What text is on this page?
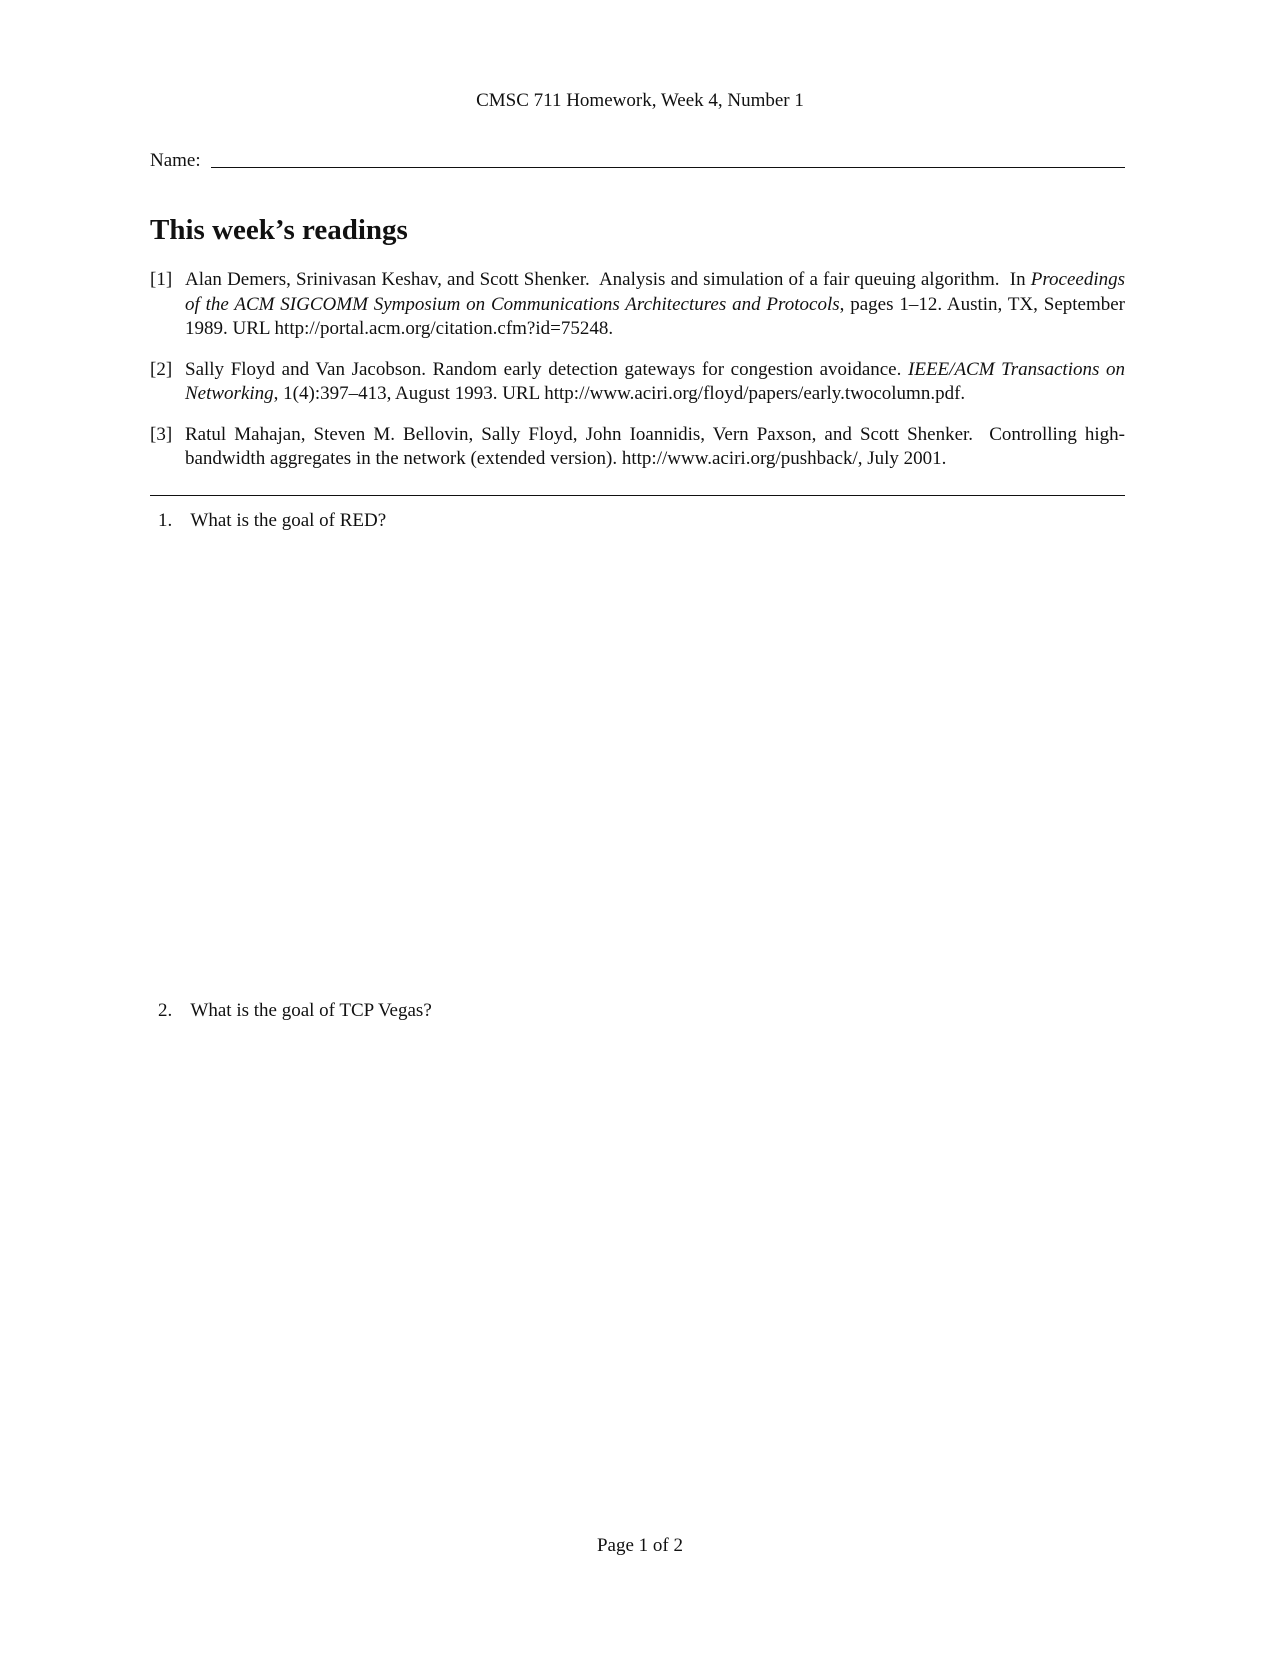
CMSC 711 Homework, Week 4, Number 1
Name:
This week’s readings
[1] Alan Demers, Srinivasan Keshav, and Scott Shenker. Analysis and simulation of a fair queuing algorithm. In Proceedings of the ACM SIGCOMM Symposium on Communications Architectures and Protocols, pages 1–12. Austin, TX, September 1989. URL http://portal.acm.org/citation.cfm?id=75248.
[2] Sally Floyd and Van Jacobson. Random early detection gateways for congestion avoidance. IEEE/ACM Transactions on Networking, 1(4):397–413, August 1993. URL http://www.aciri.org/floyd/papers/early.twocolumn.pdf.
[3] Ratul Mahajan, Steven M. Bellovin, Sally Floyd, John Ioannidis, Vern Paxson, and Scott Shenker. Controlling high-bandwidth aggregates in the network (extended version). http://www.aciri.org/pushback/, July 2001.
1. What is the goal of RED?
2. What is the goal of TCP Vegas?
Page 1 of 2
